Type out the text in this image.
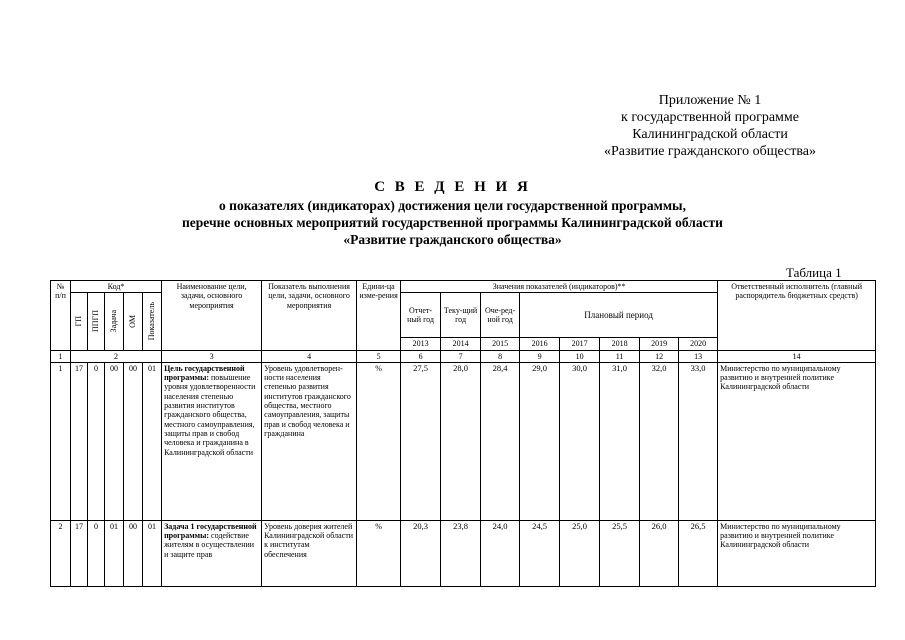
Приложение № 1
к государственной программе
Калининградской области
«Развитие гражданского общества»
С В Е Д Е Н И Я
о показателях (индикаторах) достижения цели государственной программы,
перечне основных мероприятий государственной программы Калининградской области
«Развитие гражданского общества»
Таблица 1
№ п/п	Код*					Наименование цели, задачи, основного мероприятия	Показатель выполнения цели, задачи, основного мероприятия	Едини-ца изме-рения	Значения показателей (индикаторов)**								Ответственный исполнитель (главный распорядитель бюджетных средств)

	ГП	ППГП	Задача	ОМ	Показатель				Отчет-ный год	Теку-щий год	Оче-ред-ной год	Плановый период					
									2013	2014	2015	2016	2017	2018	2019	2020	
1	2					3	4	5	6	7	8	9	10	11	12	13	14
1	17	0	00	00	01	Цель государственной программы: повышение уровня удовлетворенности населения степенью развития институтов гражданского общества, местного самоуправления, защиты прав и свобод человека и гражданина в Калининградской области	Уровень удовлетворен-ности населения степенью развития институтов гражданского общества, местного самоуправления, защиты прав и свобод человека и гражданина	%	27,5	28,0	28,4	29,0	30,0	31,0	32,0	33,0	Министерство по муниципальному развитию и внутренней политике Калининградской области
2	17	0	01	00	01	Задача 1 государственной программы: содействие жителям в осуществлении и защите прав	Уровень доверия жителей Калининградской области к институтам обеспечения	%	20,3	23,8	24,0	24,5	25,0	25,5	26,0	26,5	Министерство по муниципальному развитию и внутренней политике Калининградской области
